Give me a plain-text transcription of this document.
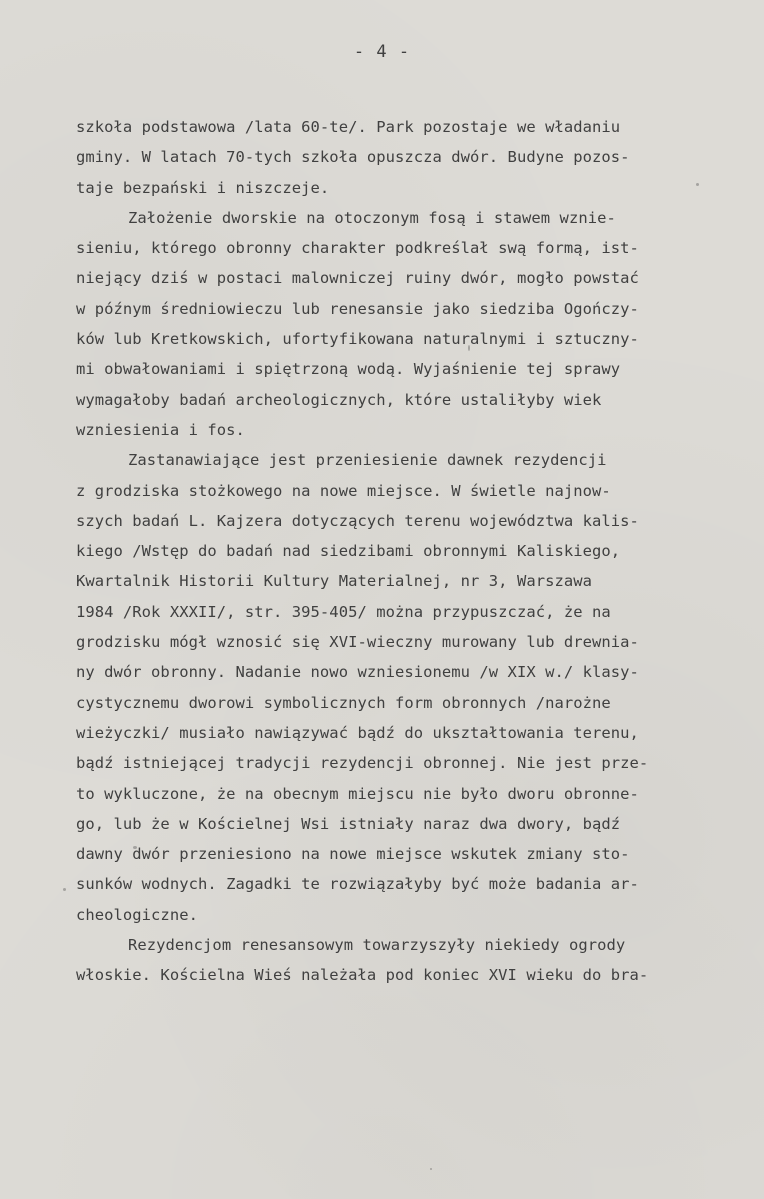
- 4 -
szkoła podstawowa /lata 60-te/. Park pozostaje we władaniu
gminy. W latach 70-tych szkoła opuszcza dwór. Budyne pozos-
taje bezpański i niszczeje.
Założenie dworskie na otoczonym fosą i stawem wznie-
sieniu, którego obronny charakter podkreślał swą formą, ist-
niejący dziś w postaci malowniczej ruiny dwór, mogło powstać
w późnym średniowieczu lub renesansie jako siedziba Ogończy-
ków lub Kretkowskich, ufortyfikowana naturalnymi i sztuczny-
mi obwałowaniami i spiętrzoną wodą. Wyjaśnienie tej sprawy
wymagałoby badań archeologicznych, które ustaliłyby wiek
wzniesienia i fos.
Zastanawiające jest przeniesienie dawnek rezydencji
z grodziska stożkowego na nowe miejsce. W świetle najnow-
szych badań L. Kajzera dotyczących terenu województwa kalis-
kiego /Wstęp do badań nad siedzibami obronnymi Kaliskiego,
Kwartalnik Historii Kultury Materialnej, nr 3, Warszawa
1984 /Rok XXXII/, str. 395-405/ można przypuszczać, że na
grodzisku mógł wznosić się XVI-wieczny murowany lub drewnia-
ny dwór obronny. Nadanie nowo wzniesionemu /w XIX w./ klasy-
cystycznemu dworowi symbolicznych form obronnych /narożne
wieżyczki/ musiało nawiązywać bądź do ukształtowania terenu,
bądź istniejącej tradycji rezydencji obronnej. Nie jest prze-
to wykluczone, że na obecnym miejscu nie było dworu obronne-
go, lub że w Kościelnej Wsi istniały naraz dwa dwory, bądź
dawny dwór przeniesiono na nowe miejsce wskutek zmiany sto-
sunków wodnych. Zagadki te rozwiązałyby być może badania ar-
cheologiczne.
Rezydencjom renesansowym towarzyszyły niekiedy ogrody
włoskie. Kościelna Wieś należała pod koniec XVI wieku do bra-
